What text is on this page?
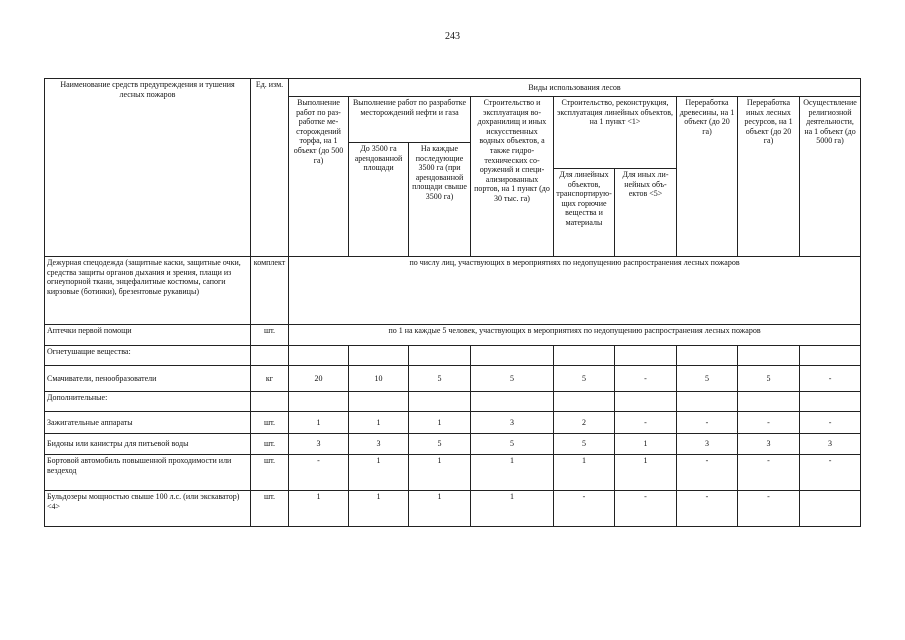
243
Наименование средств предупреждения и тушения лесных пожаров	Ед. изм.	Виды использования лесов								
		Выполнение работ по разработке месторождений торфа, на 1 объект (до 500 га)	Выполнение работ по разработке месторождений нефти и газа		Строительство и эксплуатация водохранилищ и иных искусственных водных объектов, а также гидротехнических сооружений и специализированных портов, на 1 пункт (до 30 тыс. га)	Строительство, реконструкция, эксплуатация линейных объектов, на 1 пункт <1>		Переработка древесины, на 1 объект (до 20 га)	Переработка иных лесных ресурсов, на 1 объект (до 20 га)	Осуществление религиозной деятельности, на 1 объект (до 5000 га)
			До 3500 га арендованной площади	На каждые последующие 3500 га (при арендованной площади свыше 3500 га)						
						Для линейных объектов, транспортирующих горючие вещества и материалы	Для иных линейных объектов <5>			
Дежурная спецодежда (защитные каски, защитные очки, средства защиты органов дыхания и зрения, плащи из огнеупорной ткани, энцефалитные костюмы, сапоги кирзовые (ботинки), брезентовые рукавицы)	комплект	по числу лиц, участвующих в мероприятиях по недопущению распространения лесных пожаров								
Аптечки первой помощи	шт.	по 1 на каждые 5 человек, участвующих в мероприятиях по недопущению распространения лесных пожаров								
Огнетушащие вещества:										
Смачиватели, пенообразователи	кг	20	10	5	5	5	-	5	5	-
Дополнительные:										
Зажигательные аппараты	шт.	1	1	1	3	2	-	-	-	-
Бидоны или канистры для питьевой воды	шт.	3	3	5	5	5	1	3	3	3
Бортовой автомобиль повышенной проходимости или вездеход	шт.	-	1	1	1	1	1	-	-	-
Бульдозеры мощностью свыше 100 л.с. (или экскаватор) <4>	шт.	1	1	1	1	-	-	-	-	
